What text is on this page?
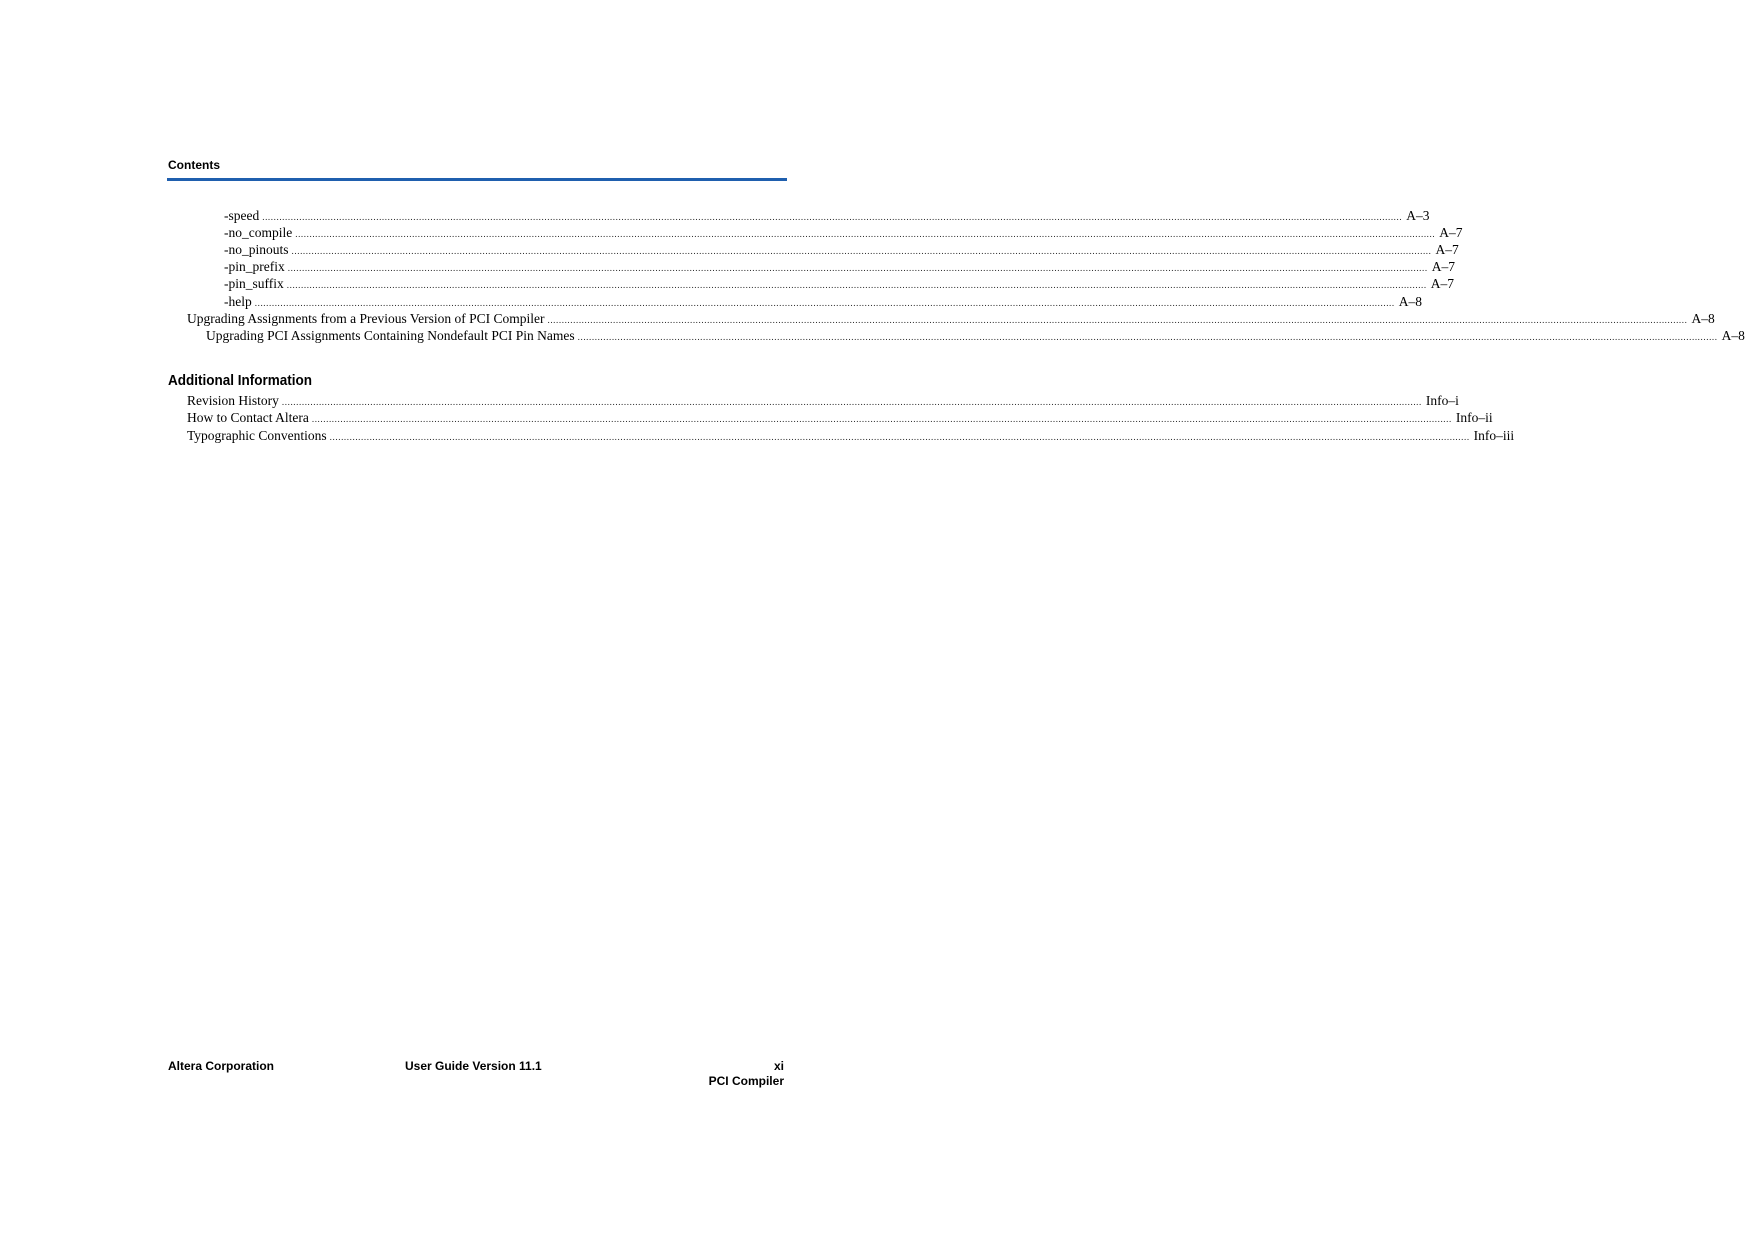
Contents
-speed ................................................................................................................................................................................................................................................................................................................................................................................................................ A–3
-no_compile ................................................................................................................................................................................................................................................................................................................................................................................................................ A–7
-no_pinouts ................................................................................................................................................................................................................................................................................................................................................................................................................ A–7
-pin_prefix ................................................................................................................................................................................................................................................................................................................................................................................................................ A–7
-pin_suffix ................................................................................................................................................................................................................................................................................................................................................................................................................ A–7
-help ................................................................................................................................................................................................................................................................................................................................................................................................................ A–8
Upgrading Assignments from a Previous Version of PCI Compiler ................................................................................................................................................................................................................................................................................................................................................................................................................ A–8
Upgrading PCI Assignments Containing Nondefault PCI Pin Names ................................................................................................................................................................................................................................................................................................................................................................................................................ A–8
Additional Information
Revision History ................................................................................................................................................................................................................................................................................................................................................................................................................ Info–i
How to Contact Altera ................................................................................................................................................................................................................................................................................................................................................................................................................ Info–ii
Typographic Conventions ................................................................................................................................................................................................................................................................................................................................................................................................................ Info–iii
Altera Corporation	User Guide Version 11.1	xi
PCI Compiler
